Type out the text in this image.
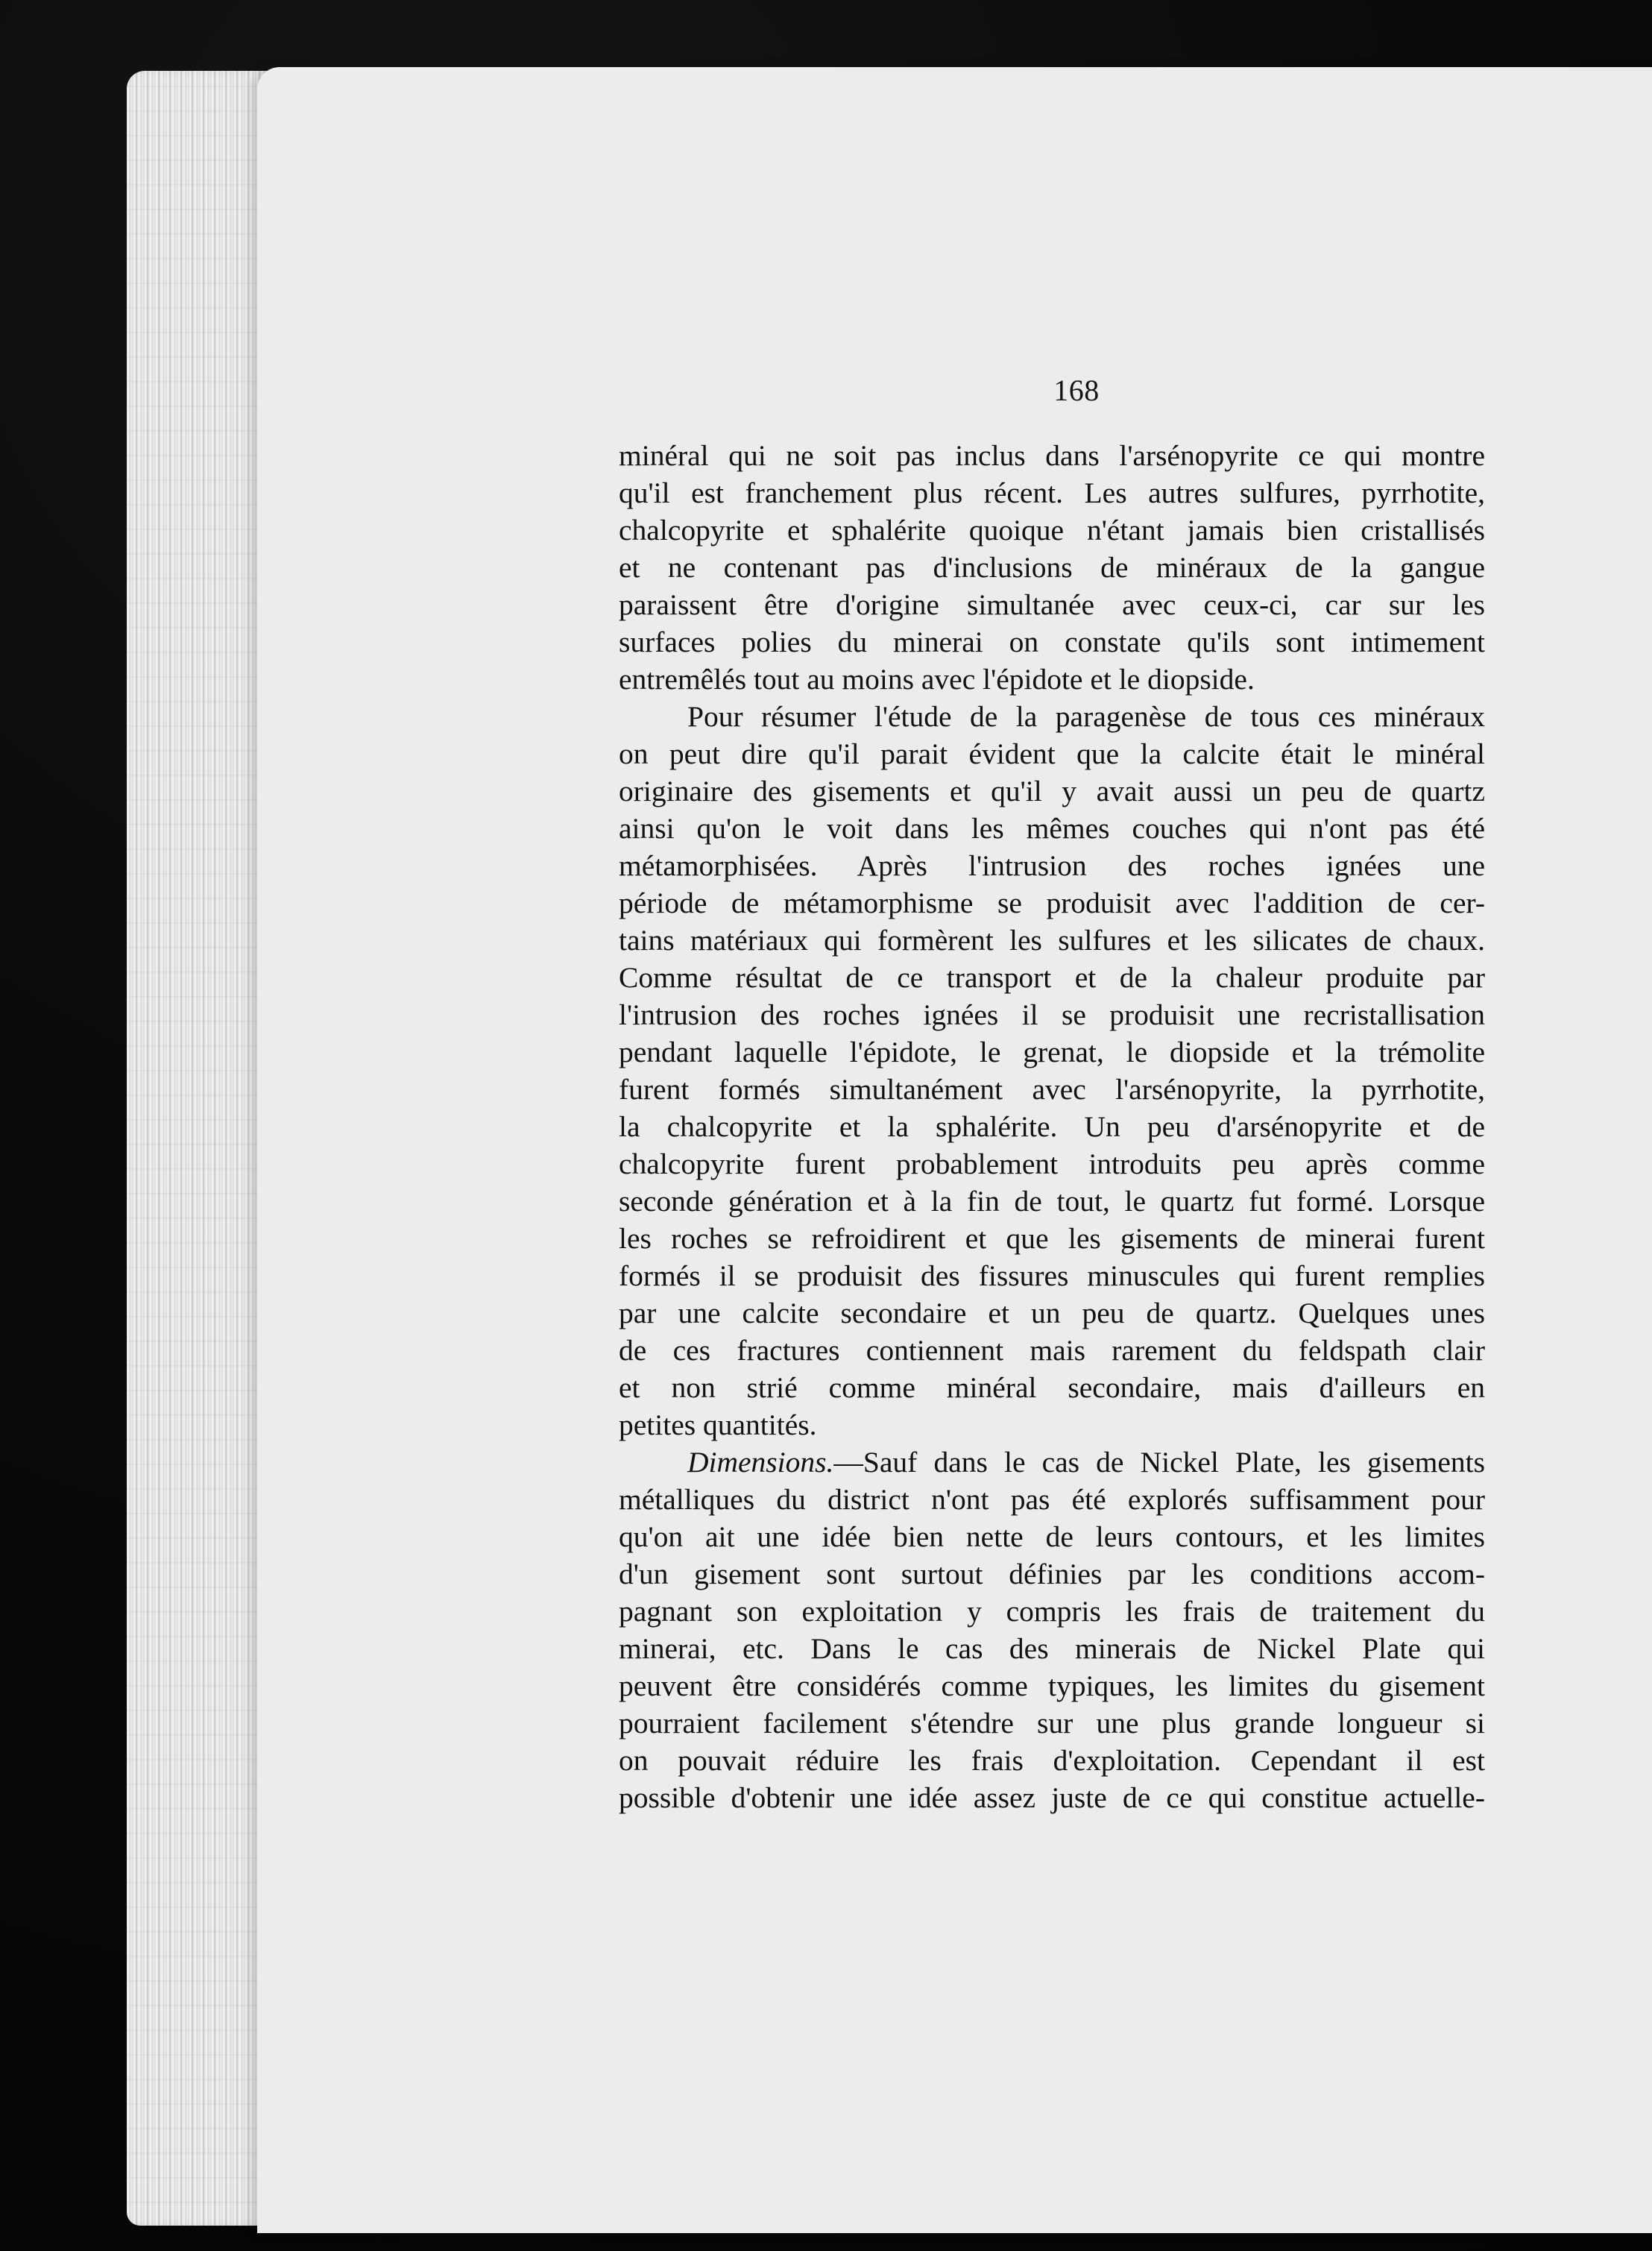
168
minéral qui ne soit pas inclus dans l'arsénopyrite ce qui montre
qu'il est franchement plus récent. Les autres sulfures, pyrrhotite,
chalcopyrite et sphalérite quoique n'étant jamais bien cristallisés
et ne contenant pas d'inclusions de minéraux de la gangue
paraissent être d'origine simultanée avec ceux-ci, car sur les
surfaces polies du minerai on constate qu'ils sont intimement
entremêlés tout au moins avec l'épidote et le diopside.
Pour résumer l'étude de la paragenèse de tous ces minéraux
on peut dire qu'il parait évident que la calcite était le minéral
originaire des gisements et qu'il y avait aussi un peu de quartz
ainsi qu'on le voit dans les mêmes couches qui n'ont pas été
métamorphisées. Après l'intrusion des roches ignées une
période de métamorphisme se produisit avec l'addition de cer-
tains matériaux qui formèrent les sulfures et les silicates de chaux.
Comme résultat de ce transport et de la chaleur produite par
l'intrusion des roches ignées il se produisit une recristallisation
pendant laquelle l'épidote, le grenat, le diopside et la trémolite
furent formés simultanément avec l'arsénopyrite, la pyrrhotite,
la chalcopyrite et la sphalérite. Un peu d'arsénopyrite et de
chalcopyrite furent probablement introduits peu après comme
seconde génération et à la fin de tout, le quartz fut formé. Lorsque
les roches se refroidirent et que les gisements de minerai furent
formés il se produisit des fissures minuscules qui furent remplies
par une calcite secondaire et un peu de quartz. Quelques unes
de ces fractures contiennent mais rarement du feldspath clair
et non strié comme minéral secondaire, mais d'ailleurs en
petites quantités.
Dimensions.—Sauf dans le cas de Nickel Plate, les gisements
métalliques du district n'ont pas été explorés suffisamment pour
qu'on ait une idée bien nette de leurs contours, et les limites
d'un gisement sont surtout définies par les conditions accom-
pagnant son exploitation y compris les frais de traitement du
minerai, etc. Dans le cas des minerais de Nickel Plate qui
peuvent être considérés comme typiques, les limites du gisement
pourraient facilement s'étendre sur une plus grande longueur si
on pouvait réduire les frais d'exploitation. Cependant il est
possible d'obtenir une idée assez juste de ce qui constitue actuelle-
